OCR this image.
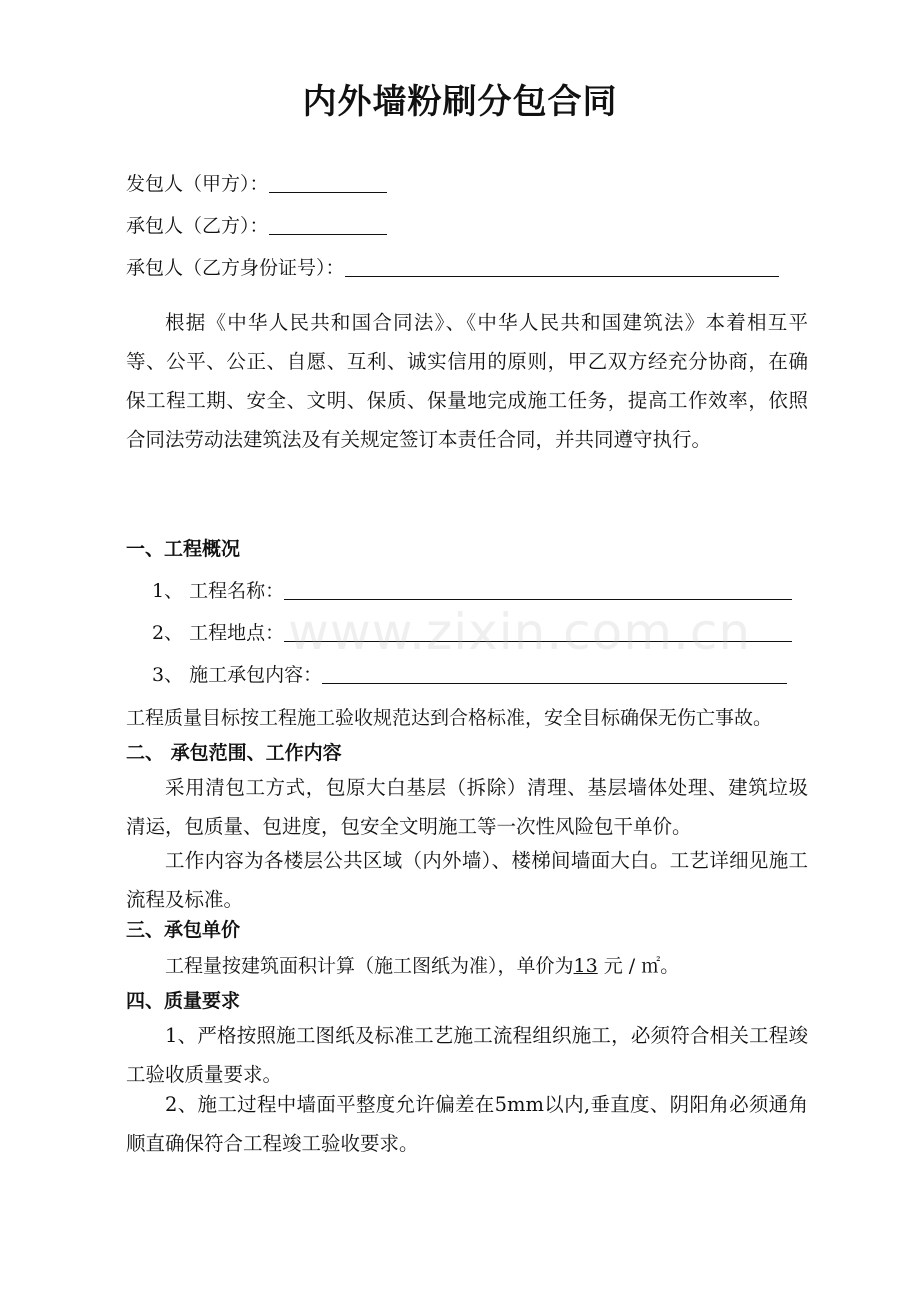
内外墙粉刷分包合同
发包人（甲方）：
承包人（乙方）：
承包人（乙方身份证号）：
根据《中华人民共和国合同法》、《中华人民共和国建筑法》本着相互平等、公平、公正、自愿、互利、诚实信用的原则，甲乙双方经充分协商，在确保工程工期、安全、文明、保质、保量地完成施工任务，提高工作效率，依照合同法劳动法建筑法及有关规定签订本责任合同，并共同遵守执行。
一、工程概况
1、 工程名称：
2、 工程地点：
3、 施工承包内容：
工程质量目标按工程施工验收规范达到合格标准，安全目标确保无伤亡事故。
二、 承包范围、工作内容
采用清包工方式，包原大白基层（拆除）清理、基层墙体处理、建筑垃圾清运，包质量、包进度，包安全文明施工等一次性风险包干单价。
工作内容为各楼层公共区域（内外墙）、楼梯间墙面大白。工艺详细见施工流程及标准。
三、承包单价
工程量按建筑面积计算（施工图纸为准），单价为13 元 / ㎡。
四、质量要求
1、严格按照施工图纸及标准工艺施工流程组织施工，必须符合相关工程竣工验收质量要求。
2、施工过程中墙面平整度允许偏差在5mm以内,垂直度、阴阳角必须通角顺直确保符合工程竣工验收要求。
www.zixin.com.cn
